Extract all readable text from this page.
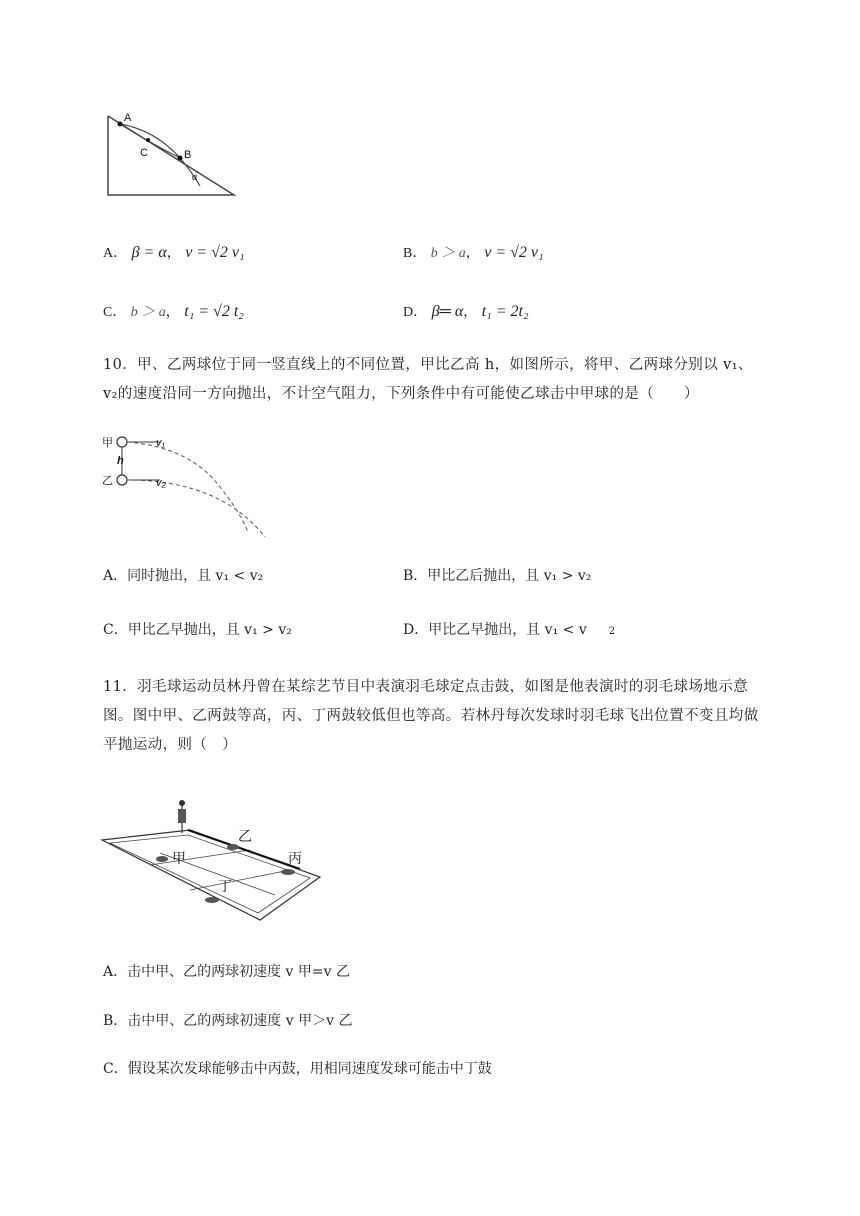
A
B
C
α
A． β = α， v = √2 v₁	B． b ＞ a， v = √2 v₁
C． b ＞ a， t₁ = √2 t₂	D． β═ α， t₁ = 2t₂
10．甲、乙两球位于同一竖直线上的不同位置，甲比乙高 h，如图所示，将甲、乙两球分别以 v₁、v₂的速度沿同一方向抛出，不计空气阻力，下列条件中有可能使乙球击中甲球的是（　　）
甲
乙
h
v₁
v₂
A．同时抛出，且 v₁ < v₂	B．甲比乙后抛出，且 v₁ > v₂
C．甲比乙早抛出，且 v₁ > v₂	D．甲比乙早抛出，且 v₁ < v 2
11．羽毛球运动员林丹曾在某综艺节目中表演羽毛球定点击鼓，如图是他表演时的羽毛球场地示意图。图中甲、乙两鼓等高，丙、丁两鼓较低但也等高。若林丹每次发球时羽毛球飞出位置不变且均做平抛运动，则（　）
甲
乙
丙
丁
A．击中甲、乙的两球初速度 v 甲=v 乙
B．击中甲、乙的两球初速度 v 甲＞v 乙
C．假设某次发球能够击中丙鼓，用相同速度发球可能击中丁鼓
